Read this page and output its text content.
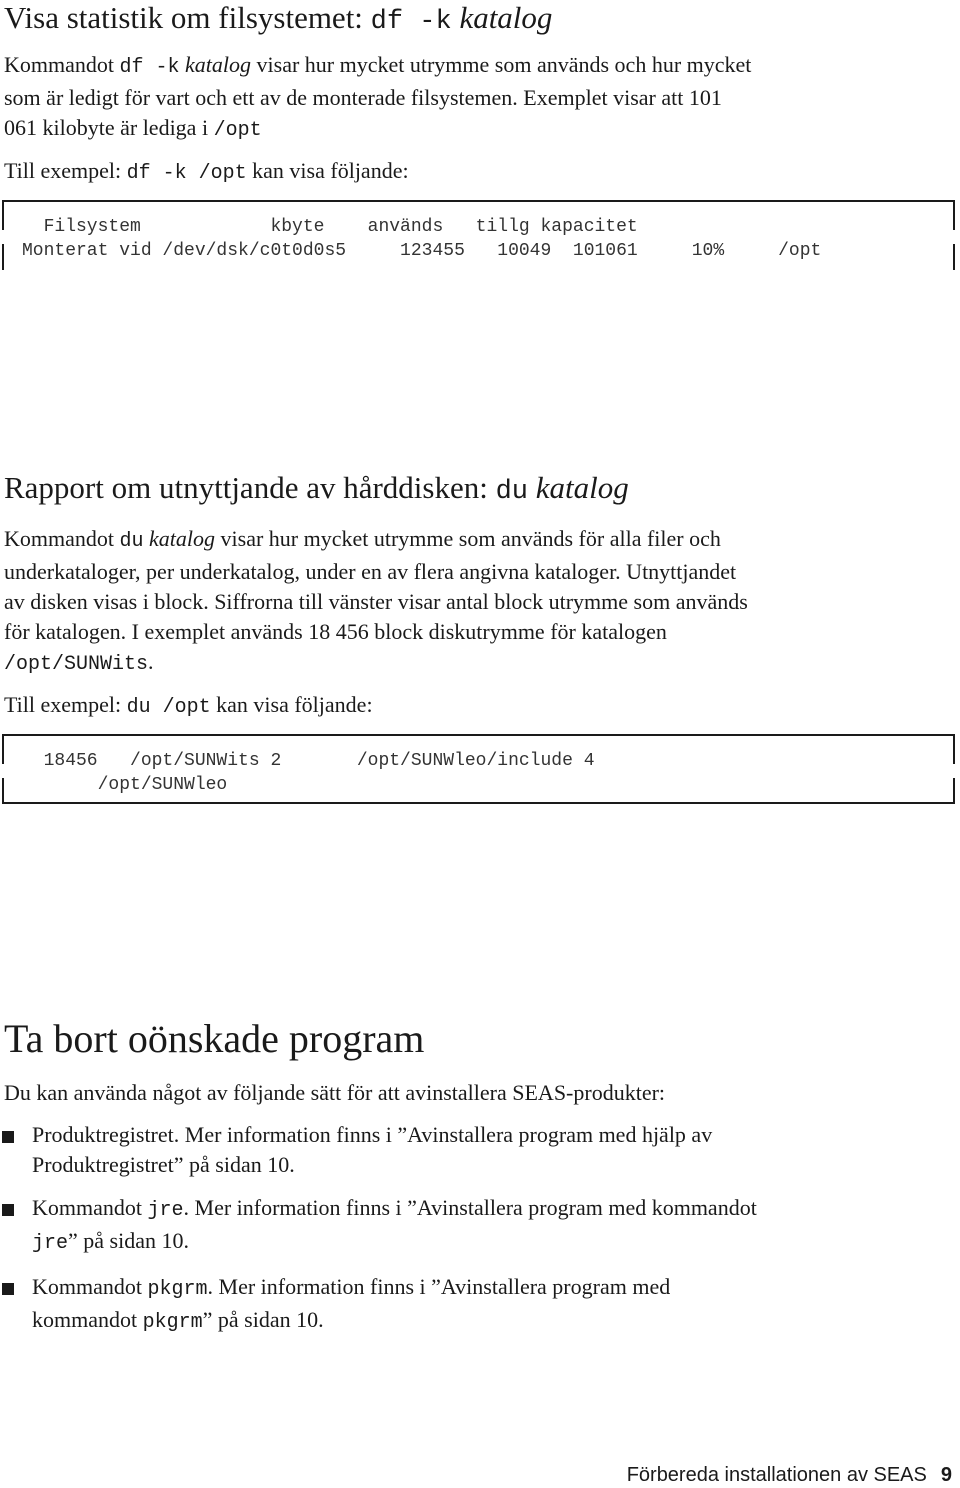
Visa statistik om filsystemet: df -k katalog

Kommandot df -k katalog visar hur mycket utrymme som används och hur mycket
som är ledigt för vart och ett av de monterade filsystemen. Exemplet visar att 101
061 kilobyte är lediga i /opt

Till exempel: df -k /opt kan visa följande:

Filsystem            kbyte    används   tillg kapacitet
Monterat vid /dev/dsk/c0t0d0s5     123455   10049  101061     10%     /opt
Rapport om utnyttjande av hårddisken: du katalog

Kommandot du katalog visar hur mycket utrymme som används för alla filer och
underkataloger, per underkatalog, under en av flera angivna kataloger. Utnyttjandet
av disken visas i block. Siffrorna till vänster visar antal block utrymme som används
för katalogen. I exemplet används 18 456 block diskutrymme för katalogen
/opt/SUNWits.

Till exempel: du /opt kan visa följande:

18456   /opt/SUNWits 2       /opt/SUNWleo/include 4
/opt/SUNWleo
Ta bort oönskade program

Du kan använda något av följande sätt för att avinstallera SEAS-produkter:

Produktregistret. Mer information finns i ”Avinstallera program med hjälp av
Produktregistret” på sidan 10.
Kommandot jre. Mer information finns i ”Avinstallera program med kommandot
jre” på sidan 10.
Kommandot pkgrm. Mer information finns i ”Avinstallera program med
kommandot pkgrm” på sidan 10.
Förbereda installationen av SEAS 9
